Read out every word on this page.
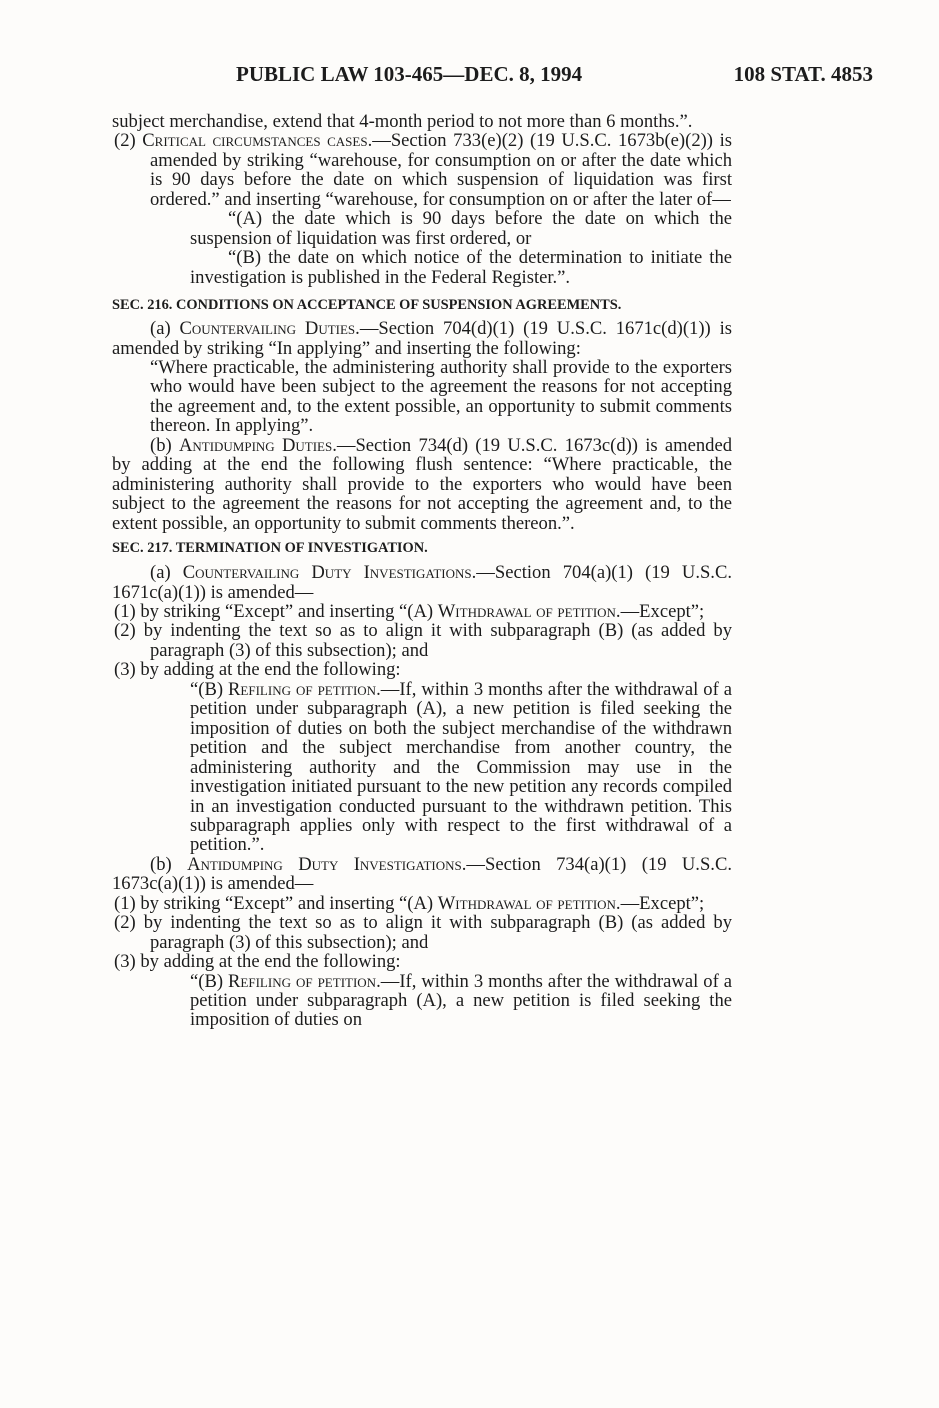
PUBLIC LAW 103-465—DEC. 8, 1994	108 STAT. 4853

subject merchandise, extend that 4-month period to not more than 6 months.”.

(2) Critical circumstances cases.—Section 733(e)(2) (19 U.S.C. 1673b(e)(2)) is amended by striking “warehouse, for consumption on or after the date which is 90 days before the date on which suspension of liquidation was first ordered.” and inserting “warehouse, for consumption on or after the later of—

“(A) the date which is 90 days before the date on which the suspension of liquidation was first ordered, or

“(B) the date on which notice of the determination to initiate the investigation is published in the Federal Register.”.

SEC. 216. CONDITIONS ON ACCEPTANCE OF SUSPENSION AGREEMENTS.

(a) Countervailing Duties.—Section 704(d)(1) (19 U.S.C. 1671c(d)(1)) is amended by striking “In applying” and inserting the following:

“Where practicable, the administering authority shall provide to the exporters who would have been subject to the agreement the reasons for not accepting the agreement and, to the extent possible, an opportunity to submit comments thereon. In applying”.

(b) Antidumping Duties.—Section 734(d) (19 U.S.C. 1673c(d)) is amended by adding at the end the following flush sentence: “Where practicable, the administering authority shall provide to the exporters who would have been subject to the agreement the reasons for not accepting the agreement and, to the extent possible, an opportunity to submit comments thereon.”.

SEC. 217. TERMINATION OF INVESTIGATION.

(a) Countervailing Duty Investigations.—Section 704(a)(1) (19 U.S.C. 1671c(a)(1)) is amended—

(1) by striking “Except” and inserting “(A) Withdrawal of petition.—Except”;

(2) by indenting the text so as to align it with subparagraph (B) (as added by paragraph (3) of this subsection); and

(3) by adding at the end the following:

“(B) Refiling of petition.—If, within 3 months after the withdrawal of a petition under subparagraph (A), a new petition is filed seeking the imposition of duties on both the subject merchandise of the withdrawn petition and the subject merchandise from another country, the administering authority and the Commission may use in the investigation initiated pursuant to the new petition any records compiled in an investigation conducted pursuant to the withdrawn petition. This subparagraph applies only with respect to the first withdrawal of a petition.”.

(b) Antidumping Duty Investigations.—Section 734(a)(1) (19 U.S.C. 1673c(a)(1)) is amended—

(1) by striking “Except” and inserting “(A) Withdrawal of petition.—Except”;

(2) by indenting the text so as to align it with subparagraph (B) (as added by paragraph (3) of this subsection); and

(3) by adding at the end the following:

“(B) Refiling of petition.—If, within 3 months after the withdrawal of a petition under subparagraph (A), a new petition is filed seeking the imposition of duties on
